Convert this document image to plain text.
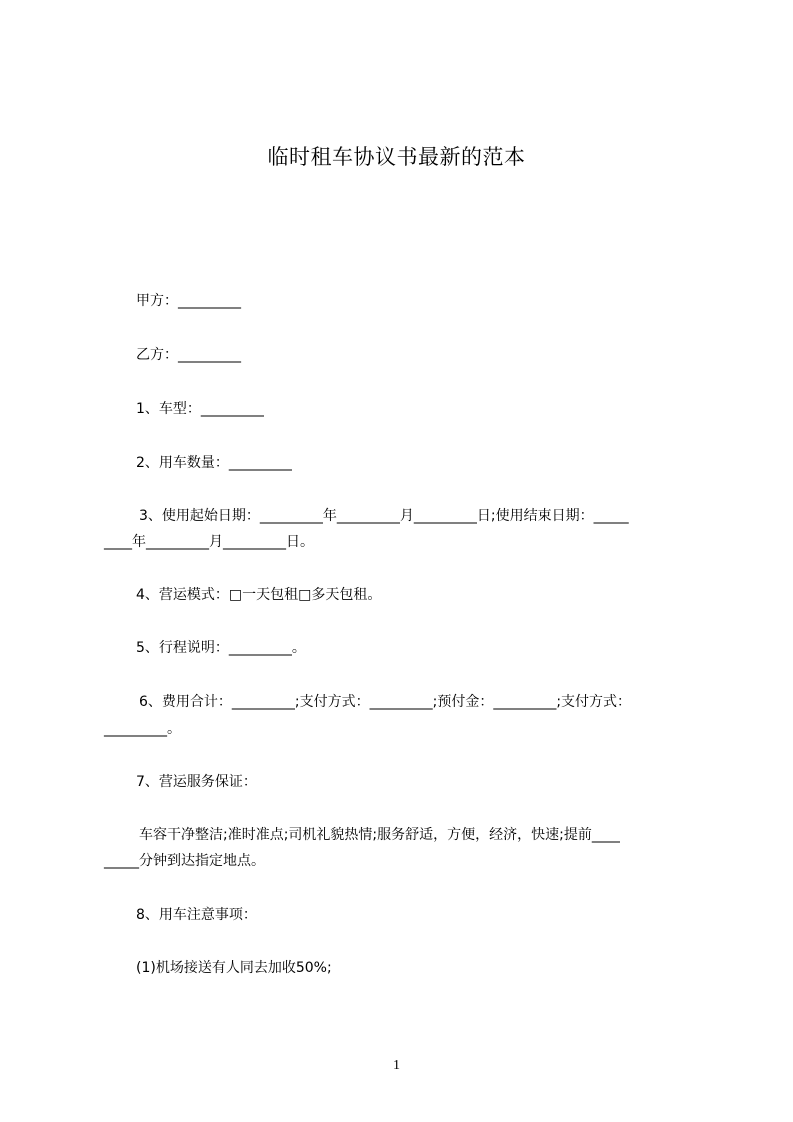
临时租车协议书最新的范本
甲方：_________
乙方：_________
1、车型：_________
2、用车数量：_________
3、使用起始日期：_________年_________月_________日;使用结束日期：_____
____年_________月_________日。
4、营运模式：□一天包租□多天包租。
5、行程说明：_________。
6、费用合计：_________;支付方式：_________;预付金：_________;支付方式：
_________。
7、营运服务保证：
车容干净整洁;准时准点;司机礼貌热情;服务舒适，方便，经济，快速;提前____
_____分钟到达指定地点。
8、用车注意事项：
(1)机场接送有人同去加收50%;
1
